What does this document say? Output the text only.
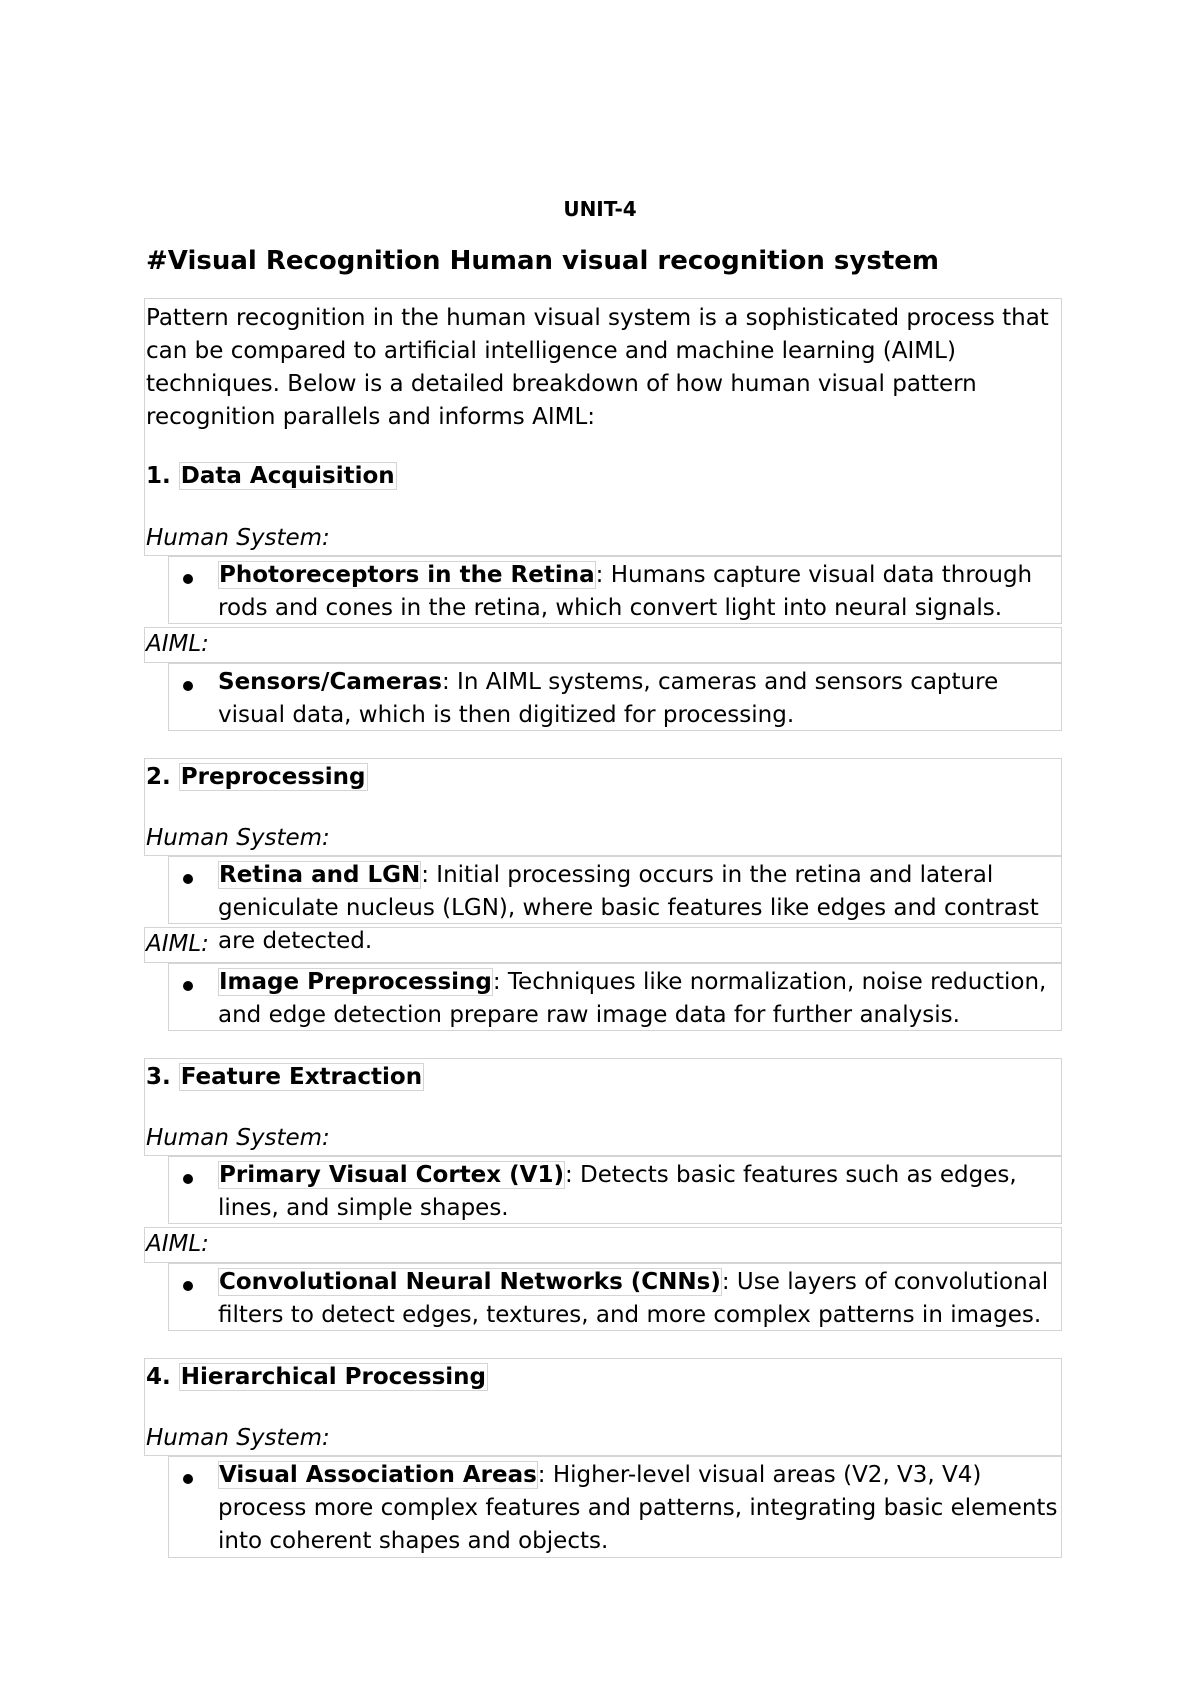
UNIT-4
#Visual Recognition Human visual recognition system
Pattern recognition in the human visual system is a sophisticated process that can be compared to artificial intelligence and machine learning (AIML) techniques. Below is a detailed breakdown of how human visual pattern recognition parallels and informs AIML:
1. Data Acquisition
Human System:
Photoreceptors in the Retina: Humans capture visual data through rods and cones in the retina, which convert light into neural signals.
AIML:
Sensors/Cameras: In AIML systems, cameras and sensors capture visual data, which is then digitized for processing.
2. Preprocessing
Human System:
Retina and LGN: Initial processing occurs in the retina and lateral geniculate nucleus (LGN), where basic features like edges and contrast are detected.
AIML:
Image Preprocessing: Techniques like normalization, noise reduction, and edge detection prepare raw image data for further analysis.
3. Feature Extraction
Human System:
Primary Visual Cortex (V1): Detects basic features such as edges, lines, and simple shapes.
AIML:
Convolutional Neural Networks (CNNs): Use layers of convolutional filters to detect edges, textures, and more complex patterns in images.
4. Hierarchical Processing
Human System:
Visual Association Areas: Higher-level visual areas (V2, V3, V4) process more complex features and patterns, integrating basic elements into coherent shapes and objects.
